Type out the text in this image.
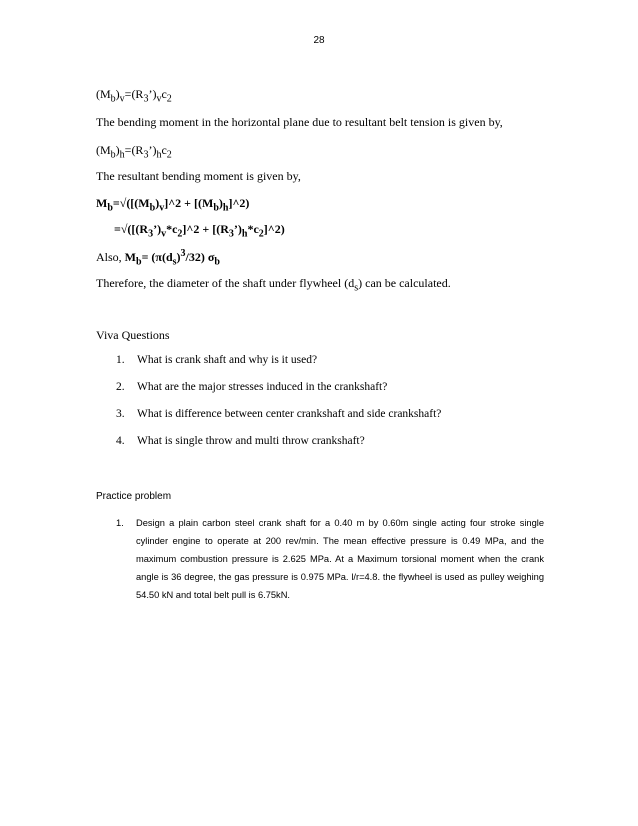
28
$(M_b)_v=(R_3’)_vc_2$
The bending moment in the horizontal plane due to resultant belt tension is given by,
$(M_b)_h=(R_3’)_hc_2$
The resultant bending moment is given by,
$M_b=√([(M_b)_v]\^{}2$ + $[(M_b)_h]\^{}2$)
$=√([(R_3’)_v*c_2]\^{}2$ + $[(R_3’)_h*c_2]\^{}2$)
Also, $M_b= (\pi(d_s)^3/32)$ $\sigma_b$
Therefore, the diameter of the shaft under flywheel $(d_s)$ can be calculated.
Viva Questions
1. What is crank shaft and why is it used?
2. What are the major stresses induced in the crankshaft?
3. What is difference between center crankshaft and side crankshaft?
4. What is single throw and multi throw crankshaft?
Practice problem
1. Design a plain carbon steel crank shaft for a 0.40 m by 0.60m single acting four stroke single cylinder engine to operate at 200 rev/min. The mean effective pressure is 0.49 MPa, and the maximum combustion pressure is 2.625 MPa. At a Maximum torsional moment when the crank angle is 36 degree, the gas pressure is 0.975 MPa. l/r=4.8. the flywheel is used as pulley weighing 54.50 kN and total belt pull is 6.75kN.
